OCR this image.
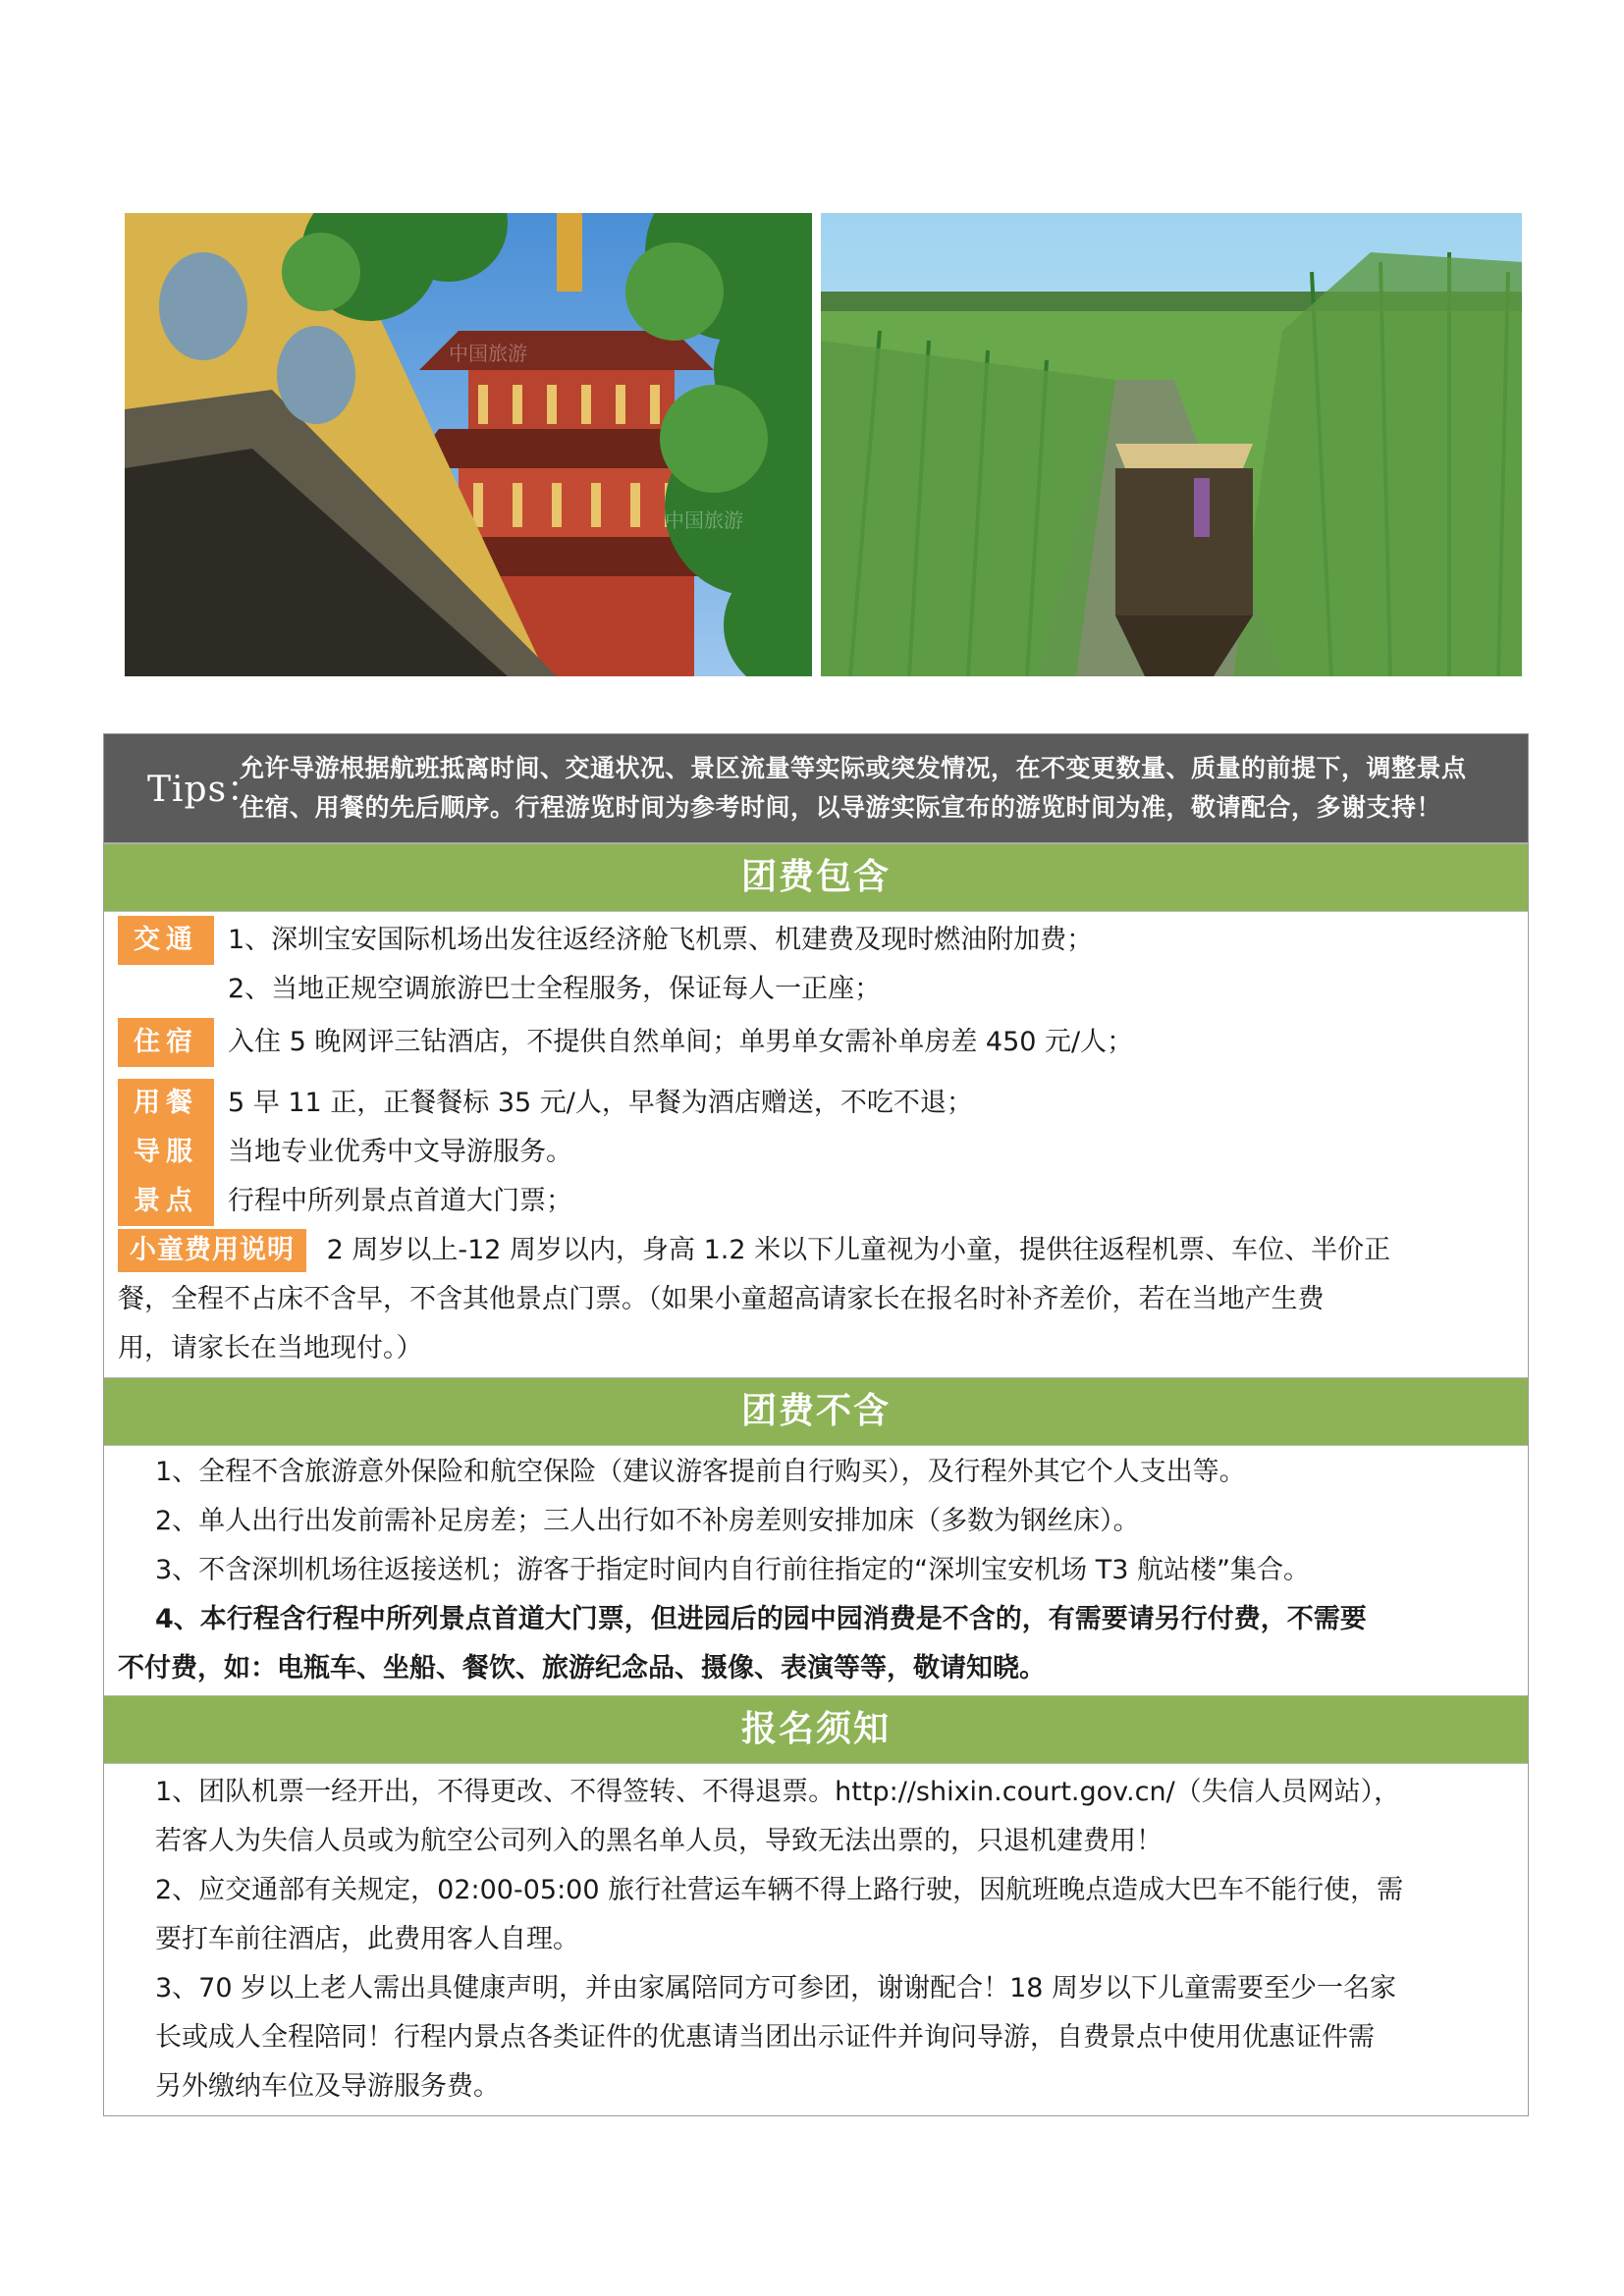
中国旅游
中国旅游
Tips：
允许导游根据航班抵离时间、交通状况、景区流量等实际或突发情况，在不变更数量、质量的前提下，调整景点
住宿、用餐的先后顺序。行程游览时间为参考时间，以导游实际宣布的游览时间为准，敬请配合，多谢支持！
团费包含
交通	1、深圳宝安国际机场出发往返经济舱飞机票、机建费及现时燃油附加费；
2、当地正规空调旅游巴士全程服务，保证每人一正座；
住宿	入住 5 晚网评三钻酒店，不提供自然单间；单男单女需补单房差 450 元/人；
用餐	5 早 11 正，正餐餐标 35 元/人，早餐为酒店赠送，不吃不退；
导服	当地专业优秀中文导游服务。
景点	行程中所列景点首道大门票；
小童费用说明 2 周岁以上-12 周岁以内，身高 1.2 米以下儿童视为小童，提供往返程机票、车位、半价正
餐，全程不占床不含早，不含其他景点门票。（如果小童超高请家长在报名时补齐差价，若在当地产生费
用，请家长在当地现付。）
团费不含
1、全程不含旅游意外保险和航空保险（建议游客提前自行购买），及行程外其它个人支出等。
2、单人出行出发前需补足房差；三人出行如不补房差则安排加床（多数为钢丝床）。
3、不含深圳机场往返接送机；游客于指定时间内自行前往指定的“深圳宝安机场 T3 航站楼”集合。
4、本行程含行程中所列景点首道大门票，但进园后的园中园消费是不含的，有需要请另行付费，不需要
不付费，如：电瓶车、坐船、餐饮、旅游纪念品、摄像、表演等等，敬请知晓。
报名须知
1、团队机票一经开出，不得更改、不得签转、不得退票。http://shixin.court.gov.cn/（失信人员网站），
若客人为失信人员或为航空公司列入的黑名单人员，导致无法出票的，只退机建费用！
2、应交通部有关规定，02:00-05:00 旅行社营运车辆不得上路行驶，因航班晚点造成大巴车不能行使，需
要打车前往酒店，此费用客人自理。
3、70 岁以上老人需出具健康声明，并由家属陪同方可参团，谢谢配合！18 周岁以下儿童需要至少一名家
长或成人全程陪同！行程内景点各类证件的优惠请当团出示证件并询问导游，自费景点中使用优惠证件需
另外缴纳车位及导游服务费。
